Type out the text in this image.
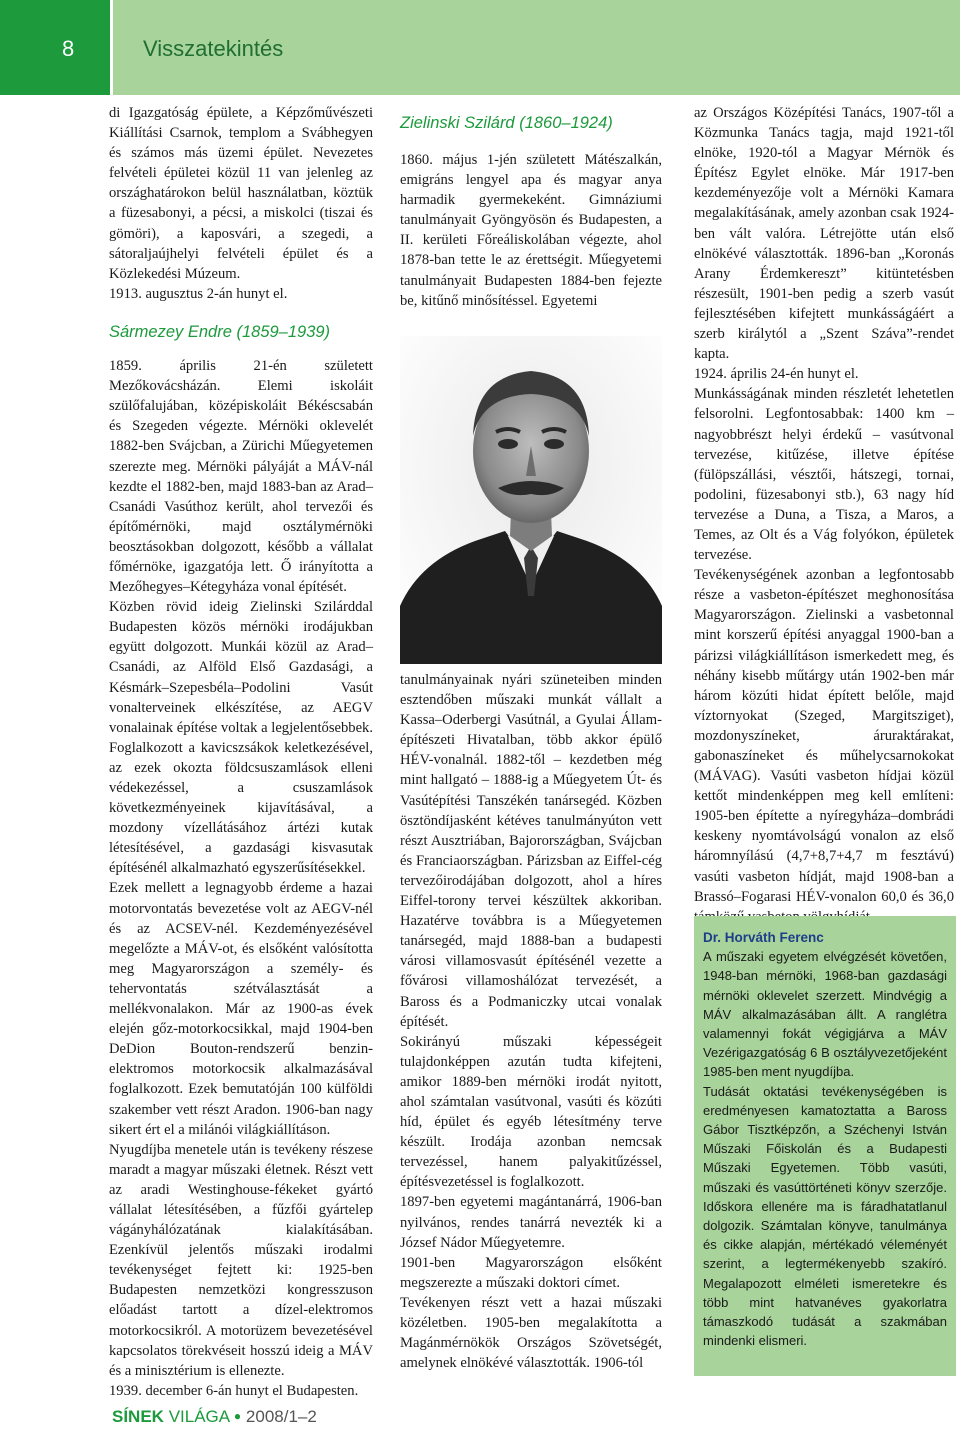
8	Visszatekintés

di Igazgatóság épülete, a Képzőművészeti Kiállítási Csarnok, templom a Svábhegyen és számos más üzemi épület. Nevezetes felvételi épületei közül 11 van jelenleg az országhatárokon belül használatban, köztük a füzesabonyi, a pécsi, a miskolci (tiszai és gömöri), a kaposvári, a szegedi, a sátoraljaújhelyi felvételi épület és a Közlekedési Múzeum.

1913. augusztus 2-án hunyt el.

Sármezey Endre (1859–1939)

1859. április 21-én született Mezőkovácsházán. Elemi iskoláit szülőfalujában, középiskoláit Békéscsabán és Szegeden végezte. Mérnöki oklevelét 1882-ben Svájcban, a Zürichi Műegyetemen szerezte meg. Mérnöki pályáját a MÁV-nál kezdte el 1882-ben, majd 1883-ban az Arad–Csanádi Vasúthoz került, ahol tervezői és építőmérnöki, majd osztálymérnöki beosztásokban dolgozott, később a vállalat főmérnöke, igazgatója lett. Ő irányította a Mezőhegyes–Kétegyháza vonal építését.

Közben rövid ideig Zielinski Szilárddal Budapesten közös mérnöki irodájukban együtt dolgozott. Munkái közül az Arad–Csanádi, az Alföld Első Gazdasági, a Késmárk–Szepesbéla–Podolini Vasút vonalterveinek elkészítése, az AEGV vonalainak építése voltak a legjelentősebbek. Foglalkozott a kavicszsákok keletkezésével, az ezek okozta földcsuszamlások elleni védekezéssel, a csuszamlások következményeinek kijavításával, a mozdony vízellátásához ártézi kutak létesítésével, a gazdasági kisvasutak építésénél alkalmazható egyszerűsítésekkel.

Ezek mellett a legnagyobb érdeme a hazai motorvontatás bevezetése volt az AEGV-nél és az ACSEV-nél. Kezdeményezésével megelőzte a MÁV-ot, és elsőként valósította meg Magyarországon a személy- és tehervontatás szétválasztását a mellékvonalakon. Már az 1900-as évek elején gőz-motorkocsikkal, majd 1904-ben DeDion Bouton-rendszerű benzin-elektromos motorkocsik alkalmazásával foglalkozott. Ezek bemutatóján 100 külföldi szakember vett részt Aradon. 1906-ban nagy sikert ért el a milánói világkiállításon.

Nyugdíjba menetele után is tevékeny részese maradt a magyar műszaki életnek. Részt vett az aradi Westinghouse-fékeket gyártó vállalat létesítésében, a fűzfői gyártelep vágányhálózatának kialakításában. Ezenkívül jelentős műszaki irodalmi tevékenységet fejtett ki: 1925-ben Budapesten nemzetközi kongresszuson előadást tartott a dízel-elektromos motorkocsikról. A motorüzem bevezetésével kapcsolatos törekvéseit hosszú ideig a MÁV és a minisztérium is ellenezte.

1939. december 6-án hunyt el Budapesten.

Zielinski Szilárd (1860–1924)

1860. május 1-jén született Mátészalkán, emigráns lengyel apa és magyar anya harmadik gyermekeként. Gimnáziumi tanulmányait Gyöngyösön és Budapesten, a II. kerületi Főreáliskolában végezte, ahol 1878-ban tette le az érettségit. Műegyetemi tanulmányait Budapesten 1884-ben fejezte be, kitűnő minősítéssel. Egyetemi

tanulmányainak nyári szüneteiben minden esztendőben műszaki munkát vállalt a Kassa–Oderbergi Vasútnál, a Gyulai Államépítészeti Hivatalban, több akkor épülő HÉV-vonalnál. 1882-től – kezdetben még mint hallgató – 1888-ig a Műegyetem Út- és Vasútépítési Tanszékén tanársegéd. Közben ösztöndíjasként kétéves tanulmányúton vett részt Ausztriában, Bajorországban, Svájcban és Franciaországban. Párizsban az Eiffel-cég tervezőirodájában dolgozott, ahol a híres Eiffel-torony tervei készültek akkoriban. Hazatérve továbbra is a Műegyetemen tanársegéd, majd 1888-ban a budapesti városi villamosvasút építésénél vezette a fővárosi villamoshálózat tervezését, a Baross és a Podmaniczky utcai vonalak építését.

Sokirányú műszaki képességeit tulajdonképpen azután tudta kifejteni, amikor 1889-ben mérnöki irodát nyitott, ahol számtalan vasútvonal, vasúti és közúti híd, épület és egyéb létesítmény terve készült. Irodája azonban nemcsak tervezéssel, hanem palyakitűzéssel, építésvezetéssel is foglalkozott.

1897-ben egyetemi magántanárrá, 1906-ban nyilvános, rendes tanárrá nevezték ki a József Nádor Műegyetemre.

1901-ben Magyarországon elsőként megszerezte a műszaki doktori címet.

Tevékenyen részt vett a hazai műszaki közéletben. 1905-ben megalakította a Magánmérnökök Országos Szövetségét, amelynek elnökévé választották. 1906-tól

az Országos Középítési Tanács, 1907-től a Közmunka Tanács tagja, majd 1921-től elnöke, 1920-tól a Magyar Mérnök és Építész Egylet elnöke. Már 1917-ben kezdeményezője volt a Mérnöki Kamara megalakításának, amely azonban csak 1924-ben vált valóra. Létrejötte után első elnökévé választották. 1896-ban „Koronás Arany Érdemkereszt” kitüntetésben részesült, 1901-ben pedig a szerb vasút fejlesztésében kifejtett munkásságáért a szerb királytól a „Szent Száva”-rendet kapta.

1924. április 24-én hunyt el.

Munkásságának minden részletét lehetetlen felsorolni. Legfontosabbak: 1400 km – nagyobbrészt helyi érdekű – vasútvonal tervezése, kitűzése, illetve építése (fülöpszállási, vésztői, hátszegi, tornai, podolini, füzesabonyi stb.), 63 nagy híd tervezése a Duna, a Tisza, a Maros, a Temes, az Olt és a Vág folyókon, épületek tervezése.

Tevékenységének azonban a legfontosabb része a vasbeton-építészet meghonosítása Magyarországon. Zielinski a vasbetonnal mint korszerű építési anyaggal 1900-ban a párizsi világkiállításon ismerkedett meg, és néhány kisebb műtárgy után 1902-ben már három közúti hidat épített belőle, majd víztornyokat (Szeged, Margitsziget), mozdonyszíneket, áruraktárakat, gabonaszíneket és műhelycsarnokokat (MÁVAG). Vasúti vasbeton hídjai közül kettőt mindenképpen meg kell említeni: 1905-ben építette a nyíregyháza–dombrádi keskeny nyomtávolságú vonalon az első háromnyílású (4,7+8,7+4,7 m fesztávú) vasúti vasbeton hídját, majd 1908-ban a Brassó–Fogarasi HÉV-vonalon 60,0 és 36,0

Dr. Horváth Ferenc

A műszaki egyetem elvégzését követően, 1948-ban mérnöki, 1968-ban gazdasági mérnöki oklevelet szerzett. Mindvégig a MÁV alkalmazásában állt. A ranglétra valamennyi fokát végigjárva a MÁV Vezérigazgatóság 6 B osztályvezetőjeként 1985-ben ment nyugdíjba.

Tudását oktatási tevékenységében is eredményesen kamatoztatta a Baross Gábor Tisztképzőn, a Széchenyi István Műszaki Főiskolán és a Budapesti Műszaki Egyetemen. Több vasúti, műszaki és vasúttörténeti könyv szerzője. Időskora ellenére ma is fáradhatatlanul dolgozik. Számtalan könyve, tanulmánya és cikke alapján, mértékadó véleményét szerint, a legtermékenyebb szakíró. Megalapozott elméleti ismeretekre és több mint hatvanéves gyakorlatra támaszkodó tudását a szakmában mindenki elismeri.

SÍNEK VILÁGA ● 2008/1–2
